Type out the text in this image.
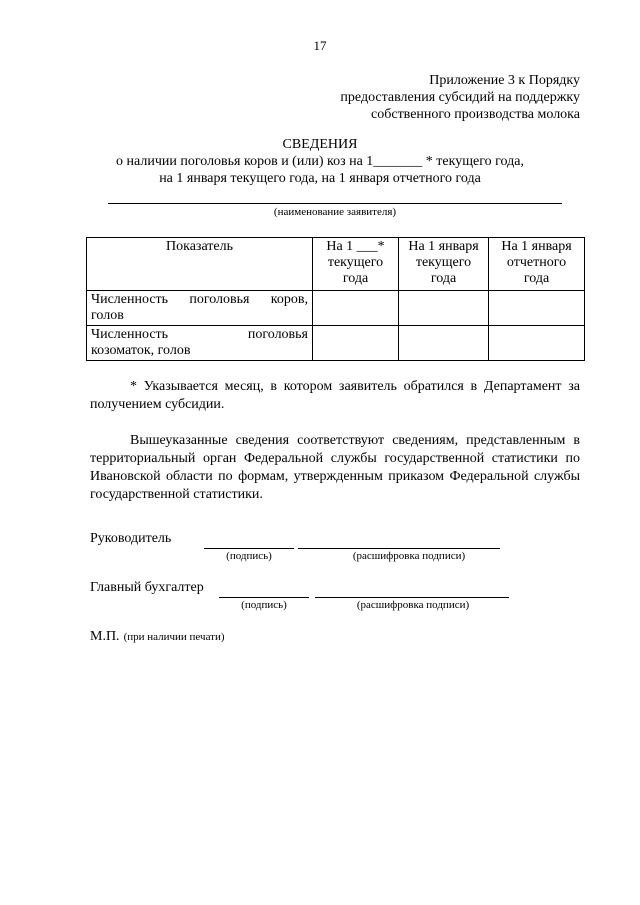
17
Приложение 3 к Порядку
предоставления субсидий на поддержку
собственного производства молока
СВЕДЕНИЯ
о наличии поголовья коров и (или) коз на 1_______ * текущего года,
на 1 января текущего года, на 1 января отчетного года
(наименование заявителя)
Показатель	На 1 ___* текущего года	На 1 января текущего года	На 1 января отчетного года
Численность поголовья коров,
голов			

Численность поголовья
козоматок, голов			

* Указывается месяц, в котором заявитель обратился в Департамент за получением субсидии.
Вышеуказанные сведения соответствуют сведениям, представленным в территориальный орган Федеральной службы государственной статистики по Ивановской области по формам, утвержденным приказом Федеральной службы государственной статистики.
Руководитель
(подпись)	(расшифровка подписи)
Главный бухгалтер
(подпись)	(расшифровка подписи)
М.П. (при наличии печати)
